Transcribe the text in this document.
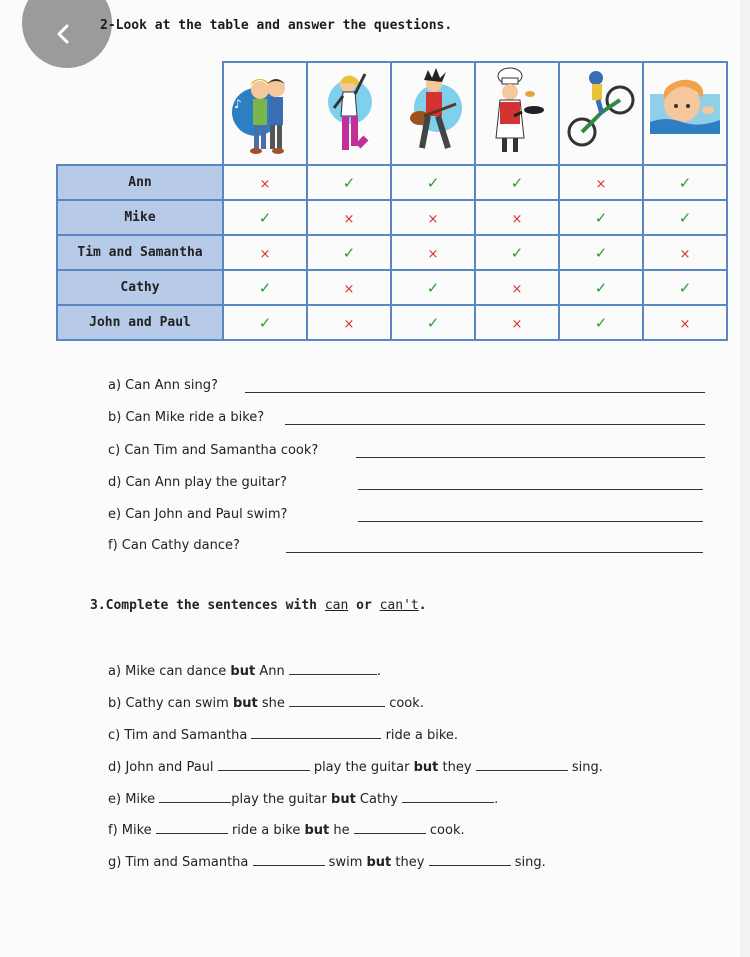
2-Look at the table and answer the questions.

♪

Ann	×	✓	✓	✓	×	✓
Mike	✓	×	×	×	✓	✓
Tim and Samantha	×	✓	×	✓	✓	×
Cathy	✓	×	✓	×	✓	✓
John and Paul	✓	×	✓	×	✓	×
a) Can Ann sing?
b) Can Mike ride a bike?
c) Can Tim and Samantha cook?
d) Can Ann play the guitar?
e) Can John and Paul swim?
f) Can Cathy dance?
3.Complete the sentences with can or can't.
a) Mike can dance but Ann	.
b) Cathy can swim but she	cook.
c) Tim and Samantha	ride a bike.
d) John and Paul	play the guitar but they	sing.
e) Mike	play the guitar but Cathy	.
f) Mike	ride a bike but he	cook.
g) Tim and Samantha	swim but they	sing.
